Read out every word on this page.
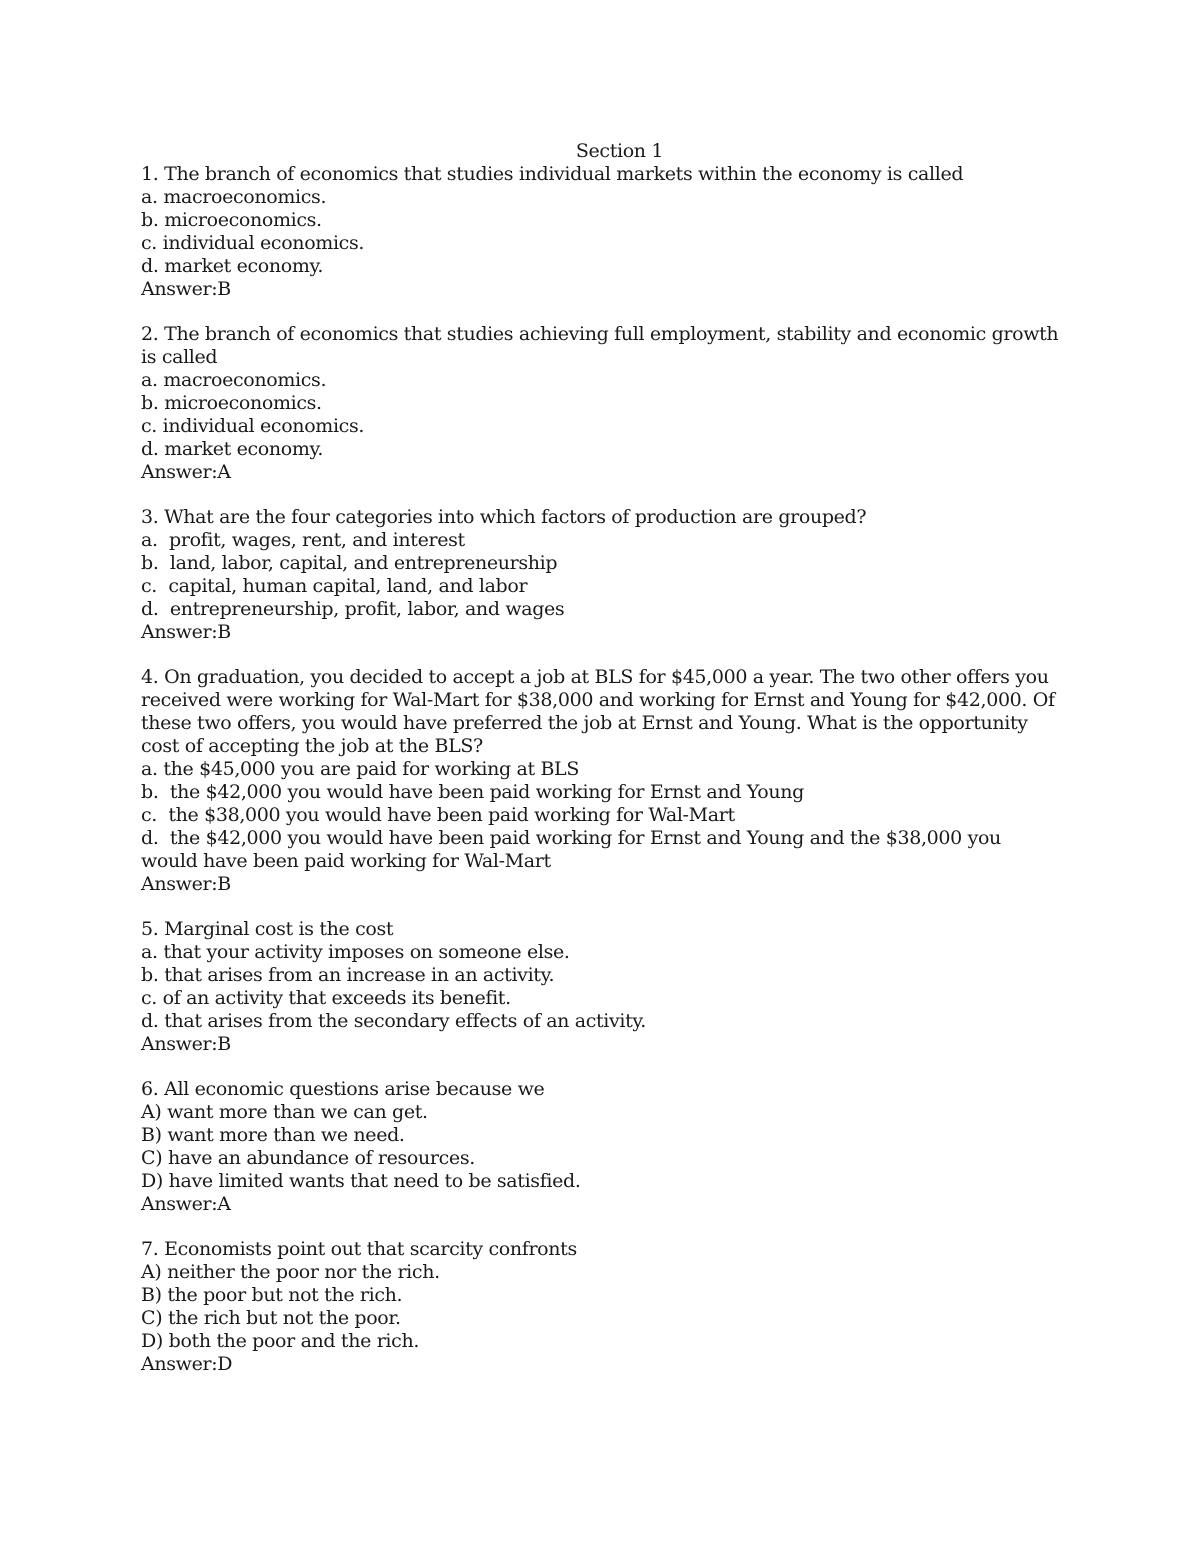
Section 1

1. The branch of economics that studies individual markets within the economy is called

a. macroeconomics.

b. microeconomics.

c. individual economics.

d. market economy.

Answer:B

2. The branch of economics that studies achieving full employment, stability and economic growth is called

a. macroeconomics.

b. microeconomics.

c. individual economics.

d. market economy.

Answer:A

3. What are the four categories into which factors of production are grouped?

a.  profit, wages, rent, and interest

b.  land, labor, capital, and entrepreneurship

c.  capital, human capital, land, and labor

d.  entrepreneurship, profit, labor, and wages

Answer:B

4. On graduation, you decided to accept a job at BLS for $45,000 a year. The two other offers you received were working for Wal-Mart for $38,000 and working for Ernst and Young for $42,000. Of these two offers, you would have preferred the job at Ernst and Young. What is the opportunity cost of accepting the job at the BLS?

a. the $45,000 you are paid for working at BLS

b.  the $42,000 you would have been paid working for Ernst and Young

c.  the $38,000 you would have been paid working for Wal-Mart

d.  the $42,000 you would have been paid working for Ernst and Young and the $38,000 you would have been paid working for Wal-Mart

Answer:B

5. Marginal cost is the cost

a. that your activity imposes on someone else.

b. that arises from an increase in an activity.

c. of an activity that exceeds its benefit.

d. that arises from the secondary effects of an activity.

Answer:B

6. All economic questions arise because we

A) want more than we can get.

B) want more than we need.

C) have an abundance of resources.

D) have limited wants that need to be satisfied.

Answer:A

7. Economists point out that scarcity confronts

A) neither the poor nor the rich.

B) the poor but not the rich.

C) the rich but not the poor.

D) both the poor and the rich.

Answer:D
